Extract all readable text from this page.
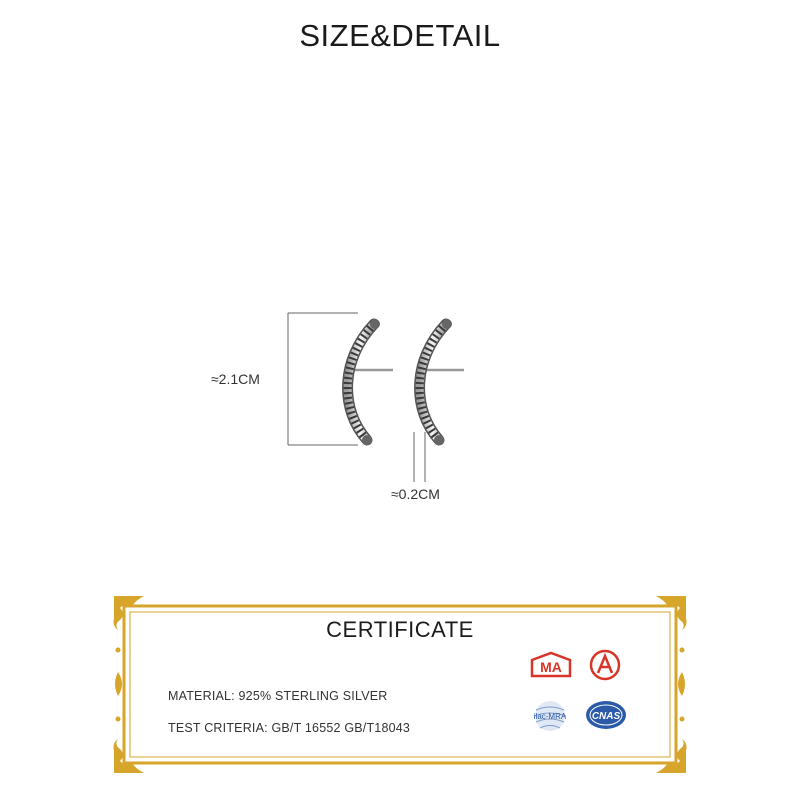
SIZE&DETAIL
≈2.1CM
≈0.2CM
CERTIFICATE
MATERIAL: 925% STERLING SILVER
TEST CRITERIA: GB/T 16552 GB/T18043
MA
ilac-MRA	CNAS
